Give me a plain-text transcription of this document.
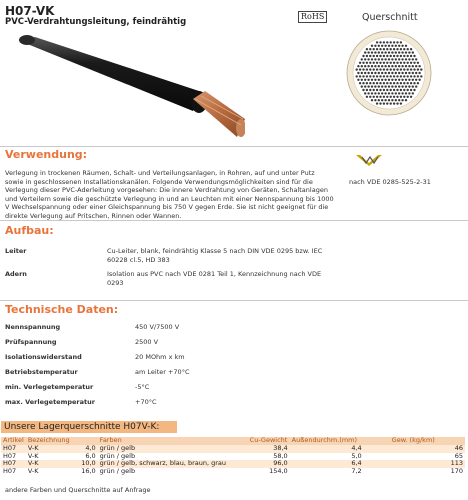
H07-VK
PVC-Verdrahtungsleitung, feindrähtig
RoHS	Querschnitt
nach VDE 0285-525-2-31
Verwendung:
Verlegung in trockenen Räumen, Schalt- und Verteilungsanlagen, in Rohren, auf und unter Putz sowie in geschlossenen Installationskanälen. Folgende Verwendungsmöglichkeiten sind für die Verlegung dieser PVC-Aderleitung vorgesehen: Die innere Verdrahtung von Geräten, Schaltanlagen und Verteilern sowie die geschützte Verlegung in und an Leuchten mit einer Nennspannung bis 1000 V Wechselspannung oder einer Gleichspannung bis 750 V gegen Erde. Sie ist nicht geeignet für die direkte Verlegung auf Pritschen, Rinnen oder Wannen.
Aufbau:
Leiter	Cu-Leiter, blank, feindrähtig Klasse 5 nach DIN VDE 0295 bzw. IEC 60228 cl.5, HD 383
Adern	Isolation aus PVC nach VDE 0281 Teil 1, Kennzeichnung nach VDE 0293
Technische Daten:
Nennspannung	450 V/7500 V
Prüfspannung	2500 V
Isolationswiderstand	20 MOhm x km
Betriebstemperatur	am Leiter +70°C
min. Verlegetemperatur	-5°C
max. Verlegetemperatur	+70°C
Unsere Lagerquerschnitte H07V-K:
Artikel	Bezeichnung		Farben	Cu-Gewicht	Außendurchm.(mm)	Gew. (kg/km)
H07	V-K	4,0	grün / gelb	38,4	4,4	46
H07	V-K	6,0	grün / gelb	58,0	5,0	65
H07	V-K	10,0	grün / gelb, schwarz, blau, braun, grau	96,0	6,4	113
H07	V-K	16,0	grün / gelb	154,0	7,2	170
andere Farben und Querschnitte auf Anfrage
